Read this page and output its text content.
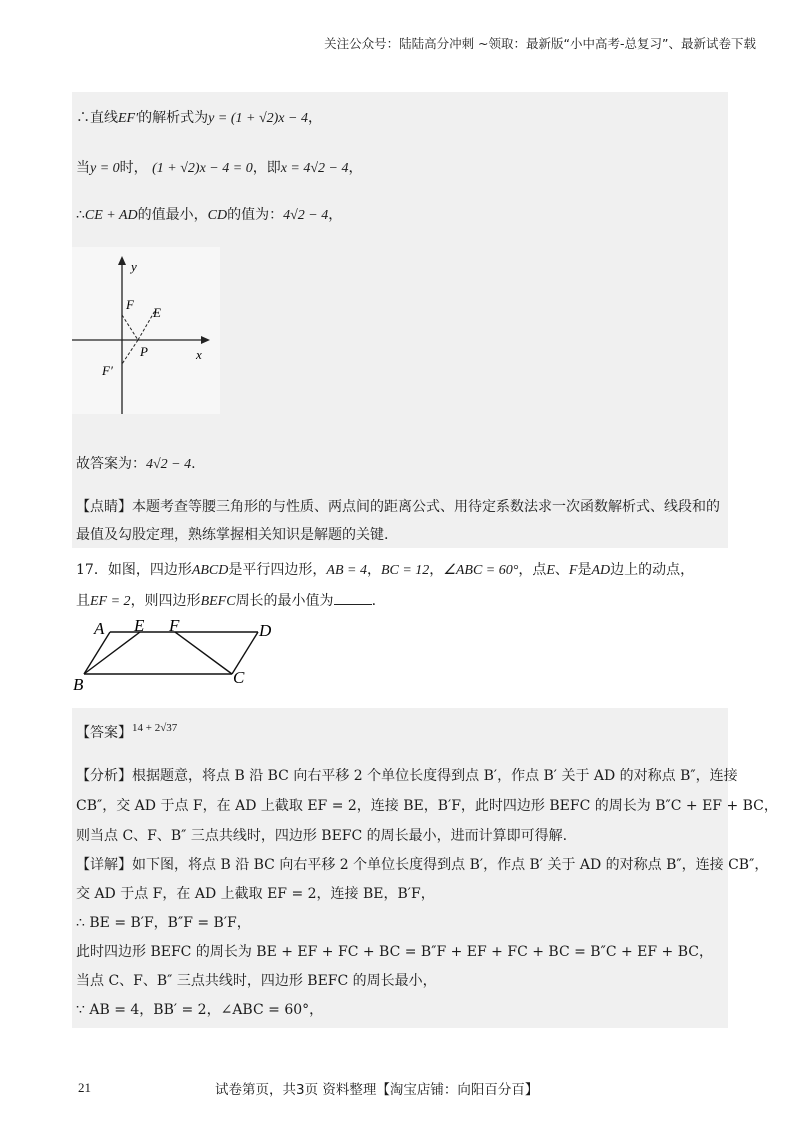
关注公众号：陆陆高分冲刺 ~领取：最新版“小中高考-总复习”、最新试卷下载
∴直线EF′的解析式为y = (1 + √2)x − 4，
当y = 0时， (1 + √2)x − 4 = 0，即x = 4√2 − 4，
∴CE + AD的值最小，CD的值为：4√2 − 4，
y
x
F
E
P
F′
故答案为：4√2 − 4.
【点睛】本题考查等腰三角形的与性质、两点间的距离公式、用待定系数法求一次函数解析式、线段和的
最值及勾股定理，熟练掌握相关知识是解题的关键.
17．如图，四边形ABCD是平行四边形，AB = 4，BC = 12，∠ABC = 60°，点E、F是AD边上的动点，
且EF = 2，则四边形BEFC周长的最小值为	.
A E F	D
B	C
【答案】$^{14 + 2√37}$
【分析】根据题意，将点 B 沿 BC 向右平移 2 个单位长度得到点 B′，作点 B′ 关于 AD 的对称点 B″，连接
CB″，交 AD 于点 F，在 AD 上截取 EF = 2，连接 BE，B′F，此时四边形 BEFC 的周长为 B″C + EF + BC，
则当点 C、F、B″ 三点共线时，四边形 BEFC 的周长最小，进而计算即可得解.
【详解】如下图，将点 B 沿 BC 向右平移 2 个单位长度得到点 B′，作点 B′ 关于 AD 的对称点 B″，连接 CB″，
交 AD 于点 F，在 AD 上截取 EF = 2，连接 BE，B′F，
∴ BE = B′F，B″F = B′F，
此时四边形 BEFC 的周长为 BE + EF + FC + BC = B″F + EF + FC + BC = B″C + EF + BC，
当点 C、F、B″ 三点共线时，四边形 BEFC 的周长最小，
∵ AB = 4，BB′ = 2，∠ABC = 60°，
21	试卷第页，共3页 资料整理【淘宝店铺：向阳百分百】
